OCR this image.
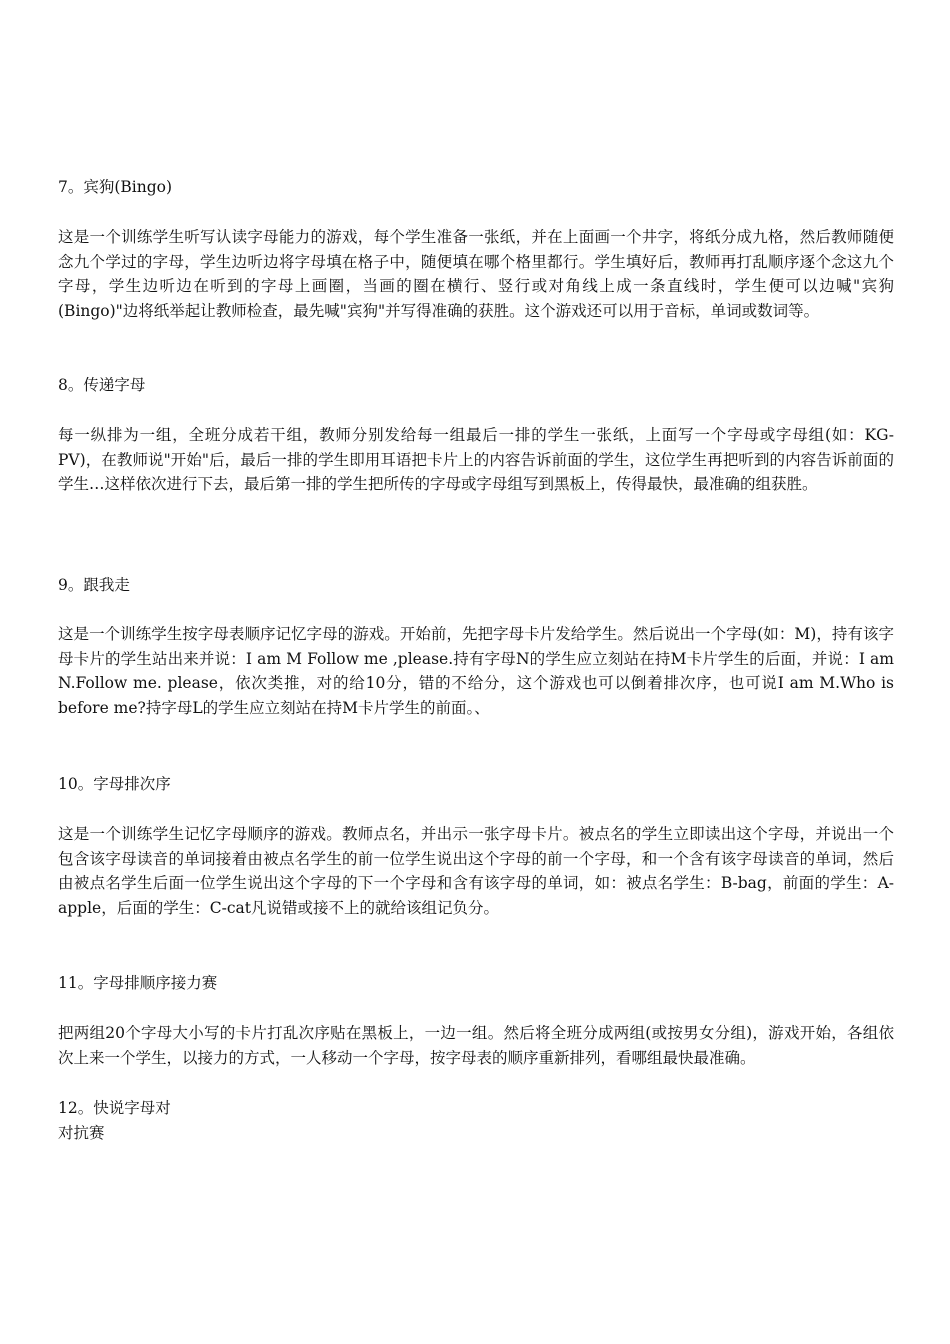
7。宾狗(Bingo)

这是一个训练学生听写认读字母能力的游戏，每个学生准备一张纸，并在上面画一个井字，将纸分成九格，然后教师随便念九个学过的字母，学生边听边将字母填在格子中，随便填在哪个格里都行。学生填好后，教师再打乱顺序逐个念这九个字母，学生边听边在听到的字母上画圈，当画的圈在横行、竖行或对角线上成一条直线时，学生便可以边喊"宾狗(Bingo)"边将纸举起让教师检查，最先喊"宾狗"并写得准确的获胜。这个游戏还可以用于音标，单词或数词等。

8。传递字母

每一纵排为一组，全班分成若干组，教师分别发给每一组最后一排的学生一张纸，上面写一个字母或字母组(如：KG-PV)，在教师说"开始"后，最后一排的学生即用耳语把卡片上的内容告诉前面的学生，这位学生再把听到的内容告诉前面的学生…这样依次进行下去，最后第一排的学生把所传的字母或字母组写到黑板上，传得最快，最准确的组获胜。

9。跟我走

这是一个训练学生按字母表顺序记忆字母的游戏。开始前，先把字母卡片发给学生。然后说出一个字母(如：M)，持有该字母卡片的学生站出来并说：I am M Follow me ,please.持有字母N的学生应立刻站在持M卡片学生的后面，并说：I am N.Follow me. please，依次类推，对的给10分，错的不给分，这个游戏也可以倒着排次序，也可说I am M.Who is before me?持字母L的学生应立刻站在持M卡片学生的前面。、

10。字母排次序

这是一个训练学生记忆字母顺序的游戏。教师点名，并出示一张字母卡片。被点名的学生立即读出这个字母，并说出一个包含该字母读音的单词接着由被点名学生的前一位学生说出这个字母的前一个字母，和一个含有该字母读音的单词，然后由被点名学生后面一位学生说出这个字母的下一个字母和含有该字母的单词，如：被点名学生：B-bag，前面的学生：A-apple，后面的学生：C-cat凡说错或接不上的就给该组记负分。

11。字母排顺序接力赛

把两组20个字母大小写的卡片打乱次序贴在黑板上，一边一组。然后将全班分成两组(或按男女分组)，游戏开始，各组依次上来一个学生，以接力的方式，一人移动一个字母，按字母表的顺序重新排列，看哪组最快最准确。

12。快说字母对

对抗赛
